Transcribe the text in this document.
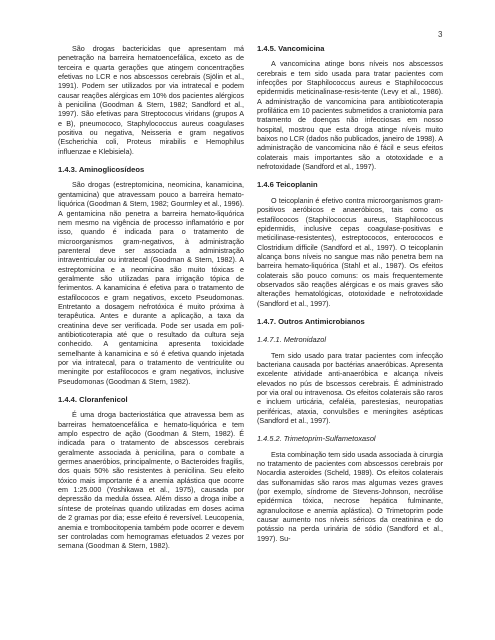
3

São drogas bactericidas que apresentam má penetração na barreira hematoencefálica, exceto as de terceira e quarta gerações que atingem concentrações efetivas no LCR e nos abscessos cerebrais (Sjölin et al., 1991). Podem ser utilizados por via intratecal e podem causar reações alérgicas em 10% dos pacientes alérgicos à penicilina (Goodman & Stern, 1982; Sandford et al., 1997). São efetivas para Streptococus viridans (grupos A e B), pneumococo, Staphylococcus aureus coagulases positiva ou negativa, Neisseria e gram negativos (Escherichia coli, Proteus mirabilis e Hemophilus influenzae e Klebisiela).

1.4.3. Aminoglicosídeos

São drogas (estreptomicina, neomicina, kanamicina, gentamicina) que atravessam pouco a barreira hemato-liquórica (Goodman & Stern, 1982; Gourmley et al., 1996). A gentamicina não penetra a barreira hemato-liquórica nem mesmo na vigência de processo inflamatório e por isso, quando é indicada para o tratamento de microorganismos gram-negativos, à administração parenteral deve ser associada a administração intraventricular ou intratecal (Goodman & Stern, 1982). A estreptomicina e a neomicina são muito tóxicas e geralmente são utilizadas para irrigação tópica de ferimentos. A kanamicina é efetiva para o tratamento de estafilococos e gram negativos, exceto Pseudomonas. Entretanto a dosagem nefrotóxica é muito próxima à terapêutica. Antes e durante a aplicação, a taxa da creatinina deve ser verificada. Pode ser usada em poli-antibioticoterapia até que o resultado da cultura seja conhecido. A gentamicina apresenta toxicidade semelhante à kanamicina e só é efetiva quando injetada por via intratecal, para o tratamento de ventriculite ou meningite por estafilococos e gram negativos, inclusive Pseudomonas (Goodman & Stern, 1982).

1.4.4. Cloranfenicol

É uma droga bacteriostática que atravessa bem as barreiras hematoencefálica e hemato-liquórica e tem amplo espectro de ação (Goodman & Stern, 1982). É indicada para o tratamento de abscessos cerebrais geralmente associada à penicilina, para o combate a germes anaeróbios, principalmente, o Bacteroides fragilis, dos quais 50% são resistentes à penicilina. Seu efeito tóxico mais importante é a anemia aplástica que ocorre em 1:25.000 (Yoshikawa et al., 1975), causada por depressão da medula óssea. Além disso a droga inibe a síntese de proteínas quando utilizadas em doses acima de 2 gramas por dia; esse efeito é reversível. Leucopenia, anemia e trombocitopenia também pode ocorrer e devem ser controladas com hemogramas efetuados 2 vezes por semana (Goodman & Stern, 1982).

1.4.5. Vancomicina

A vancomicina atinge bons níveis nos abscessos cerebrais e tem sido usada para tratar pacientes com infecções por Staphilococcus aureus e Staphilococcus epidermidis meticinalinase-resis-tente (Levy et al., 1986). A administração de vancomicina para antibioticoterapia profilática em 10 pacientes submetidos a craniotomia para tratamento de doenças não infecciosas em nosso hospital, mostrou que esta droga atinge níveis muito baixos no LCR (dados não publicados, janeiro de 1998). A administração de vancomicina não é fácil e seus efeitos colaterais mais importantes são a ototoxidade e a nefrotoxidade (Sandford et al., 1997).

1.4.6 Teicoplanin

O teicoplanin é efetivo contra microorganismos gram-positivos aeróbicos e anaeróbicos, tais como os estafilococos (Staphilococcus aureus, Staphilococcus epidermidis, inclusive cepas coagulase-positivas e meticilinase-resistentes), estreptococos, enterococos e Clostridium difficile (Sandford et al., 1997). O teicoplanin alcança bons níveis no sangue mas não penetra bem na barreira hemato-liquórica (Stahl et al., 1987). Os efeitos colaterais são pouco comuns: os mais frequentemente observados são reações alérgicas e os mais graves são alterações hematológicas, ototoxidade e nefrotoxidade (Sandford et al., 1997).

1.4.7. Outros Antimicrobianos
1.4.7.1. Metronidazol

Tem sido usado para tratar pacientes com infecção bacteriana causada por bactérias anaeróbicas. Apresenta excelente atividade anti-anaeróbica e alcança níveis elevados no pús de bscessos cerebrais. É administrado por via oral ou intravenosa. Os efeitos colaterais são raros e incluem urticária, cefaléia, parestesias, neuropatias periféricas, ataxia, convulsões e meningites asépticas (Sandford et al., 1997).

1.4.5.2. Trimetoprim-Sulfametoxasol

Esta combinação tem sido usada associada à cirurgia no tratamento de pacientes com abscessos cerebrais por Nocardia asteroides (Scheld, 1989). Os efeitos colaterais das sulfonamidas são raros mas algumas vezes graves (por exemplo, síndrome de Stevens-Johnson, necrólise epidérmica tóxica, necrose hepática fulminante, agranulocitose e anemia aplástica). O Trimetoprim pode causar aumento nos níveis séricos da creatinina e do potássio na perda urinária de sódio (Sandford et al., 1997). Su-
